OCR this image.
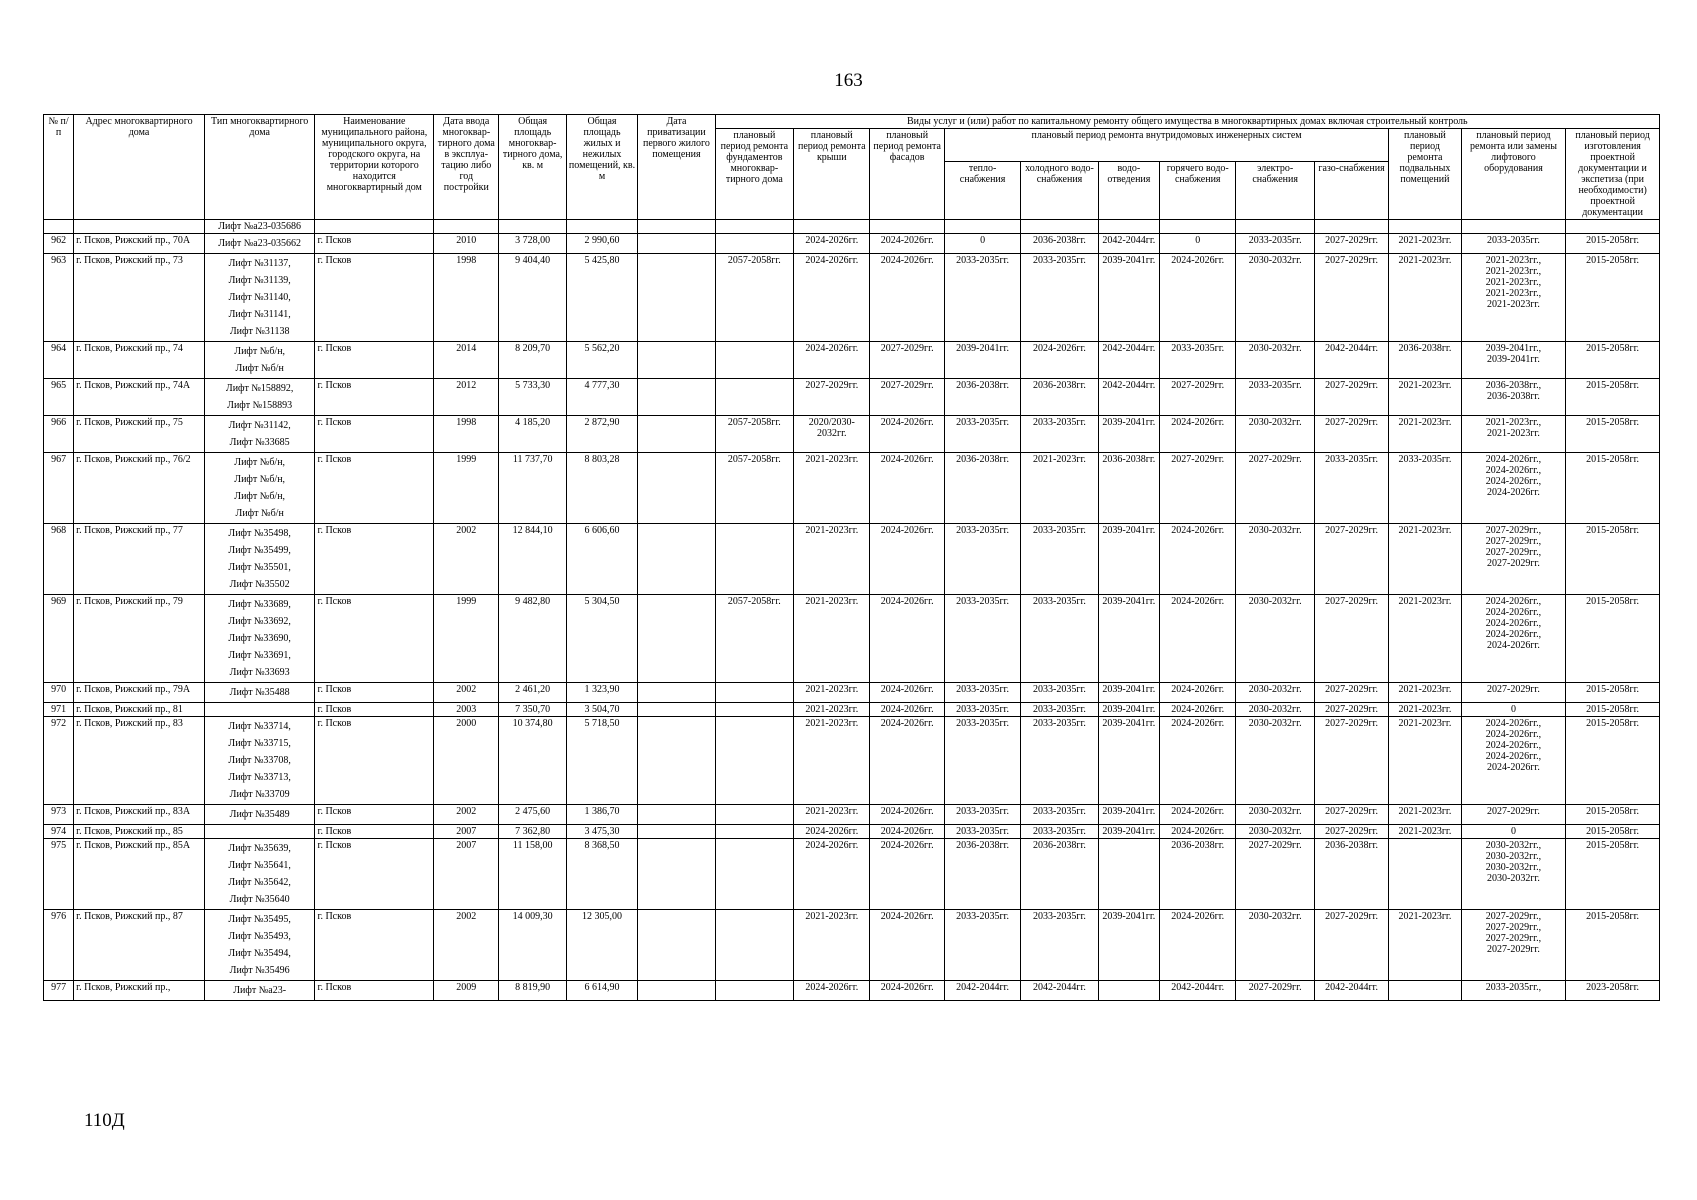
163
№ п/п	Адрес многоквартирного дома	Тип многоквартирного дома	Наименование муниципального района, муниципального округа, городского округа, на территории которого находится многоквартирный дом	Дата ввода многоквар-тирного дома в эксплуа-тацию либо год постройки	Общая площадь многоквар-тирного дома, кв. м	Общая площадь жилых и нежилых помещений, кв. м	Дата приватизации первого жилого помещения	Виды услуг и (или) работ по капитальному ремонту общего имущества в многоквартирных домах включая строительный контроль											
								плановый период ремонта фундаментов многоквар-тирного дома	плановый период ремонта крыши	плановый период ремонта фасадов	плановый период ремонта внутридомовых инженерных систем						плановый период ремонта подвальных помещений	плановый период ремонта или замены лифтового оборудования	плановый период изготовления проектной документации и экспетиза (при необходимости) проектной документации
											тепло-снабжения	холодного водо-снабжения	водо-отведения	горячего водо-снабжения	электро-снабжения	газо-снабжения			
		Лифт №а23-035686																	
962	г. Псков, Рижский пр., 70А	Лифт №а23-035662	г. Псков	2010	3 728,00	2 990,60			2024-2026гг.	2024-2026гг.	0	2036-2038гг.	2042-2044гг.	0	2033-2035гг.	2027-2029гг.	2021-2023гг.	2033-2035гг.	2015-2058гг.
963	г. Псков, Рижский пр., 73	Лифт №31137,
Лифт №31139,
Лифт №31140,
Лифт №31141,
Лифт №31138	г. Псков	1998	9 404,40	5 425,80		2057-2058гг.	2024-2026гг.	2024-2026гг.	2033-2035гг.	2033-2035гг.	2039-2041гг.	2024-2026гг.	2030-2032гг.	2027-2029гг.	2021-2023гг.	2021-2023гг.,
2021-2023гг.,
2021-2023гг.,
2021-2023гг.,
2021-2023гг.	2015-2058гг.
964	г. Псков, Рижский пр., 74	Лифт №б/н,
Лифт №б/н	г. Псков	2014	8 209,70	5 562,20			2024-2026гг.	2027-2029гг.	2039-2041гг.	2024-2026гг.	2042-2044гг.	2033-2035гг.	2030-2032гг.	2042-2044гг.	2036-2038гг.	2039-2041гг.,
2039-2041гг.	2015-2058гг.
965	г. Псков, Рижский пр., 74А	Лифт №158892,
Лифт №158893	г. Псков	2012	5 733,30	4 777,30			2027-2029гг.	2027-2029гг.	2036-2038гг.	2036-2038гг.	2042-2044гг.	2027-2029гг.	2033-2035гг.	2027-2029гг.	2021-2023гг.	2036-2038гг.,
2036-2038гг.	2015-2058гг.
966	г. Псков, Рижский пр., 75	Лифт №31142,
Лифт №33685	г. Псков	1998	4 185,20	2 872,90		2057-2058гг.	2020/2030-2032гг.	2024-2026гг.	2033-2035гг.	2033-2035гг.	2039-2041гг.	2024-2026гг.	2030-2032гг.	2027-2029гг.	2021-2023гг.	2021-2023гг.,
2021-2023гг.	2015-2058гг.
967	г. Псков, Рижский пр., 76/2	Лифт №б/н,
Лифт №б/н,
Лифт №б/н,
Лифт №б/н	г. Псков	1999	11 737,70	8 803,28		2057-2058гг.	2021-2023гг.	2024-2026гг.	2036-2038гг.	2021-2023гг.	2036-2038гг.	2027-2029гг.	2027-2029гг.	2033-2035гг.	2033-2035гг.	2024-2026гг.,
2024-2026гг.,
2024-2026гг.,
2024-2026гг.	2015-2058гг.
968	г. Псков, Рижский пр., 77	Лифт №35498,
Лифт №35499,
Лифт №35501,
Лифт №35502	г. Псков	2002	12 844,10	6 606,60			2021-2023гг.	2024-2026гг.	2033-2035гг.	2033-2035гг.	2039-2041гг.	2024-2026гг.	2030-2032гг.	2027-2029гг.	2021-2023гг.	2027-2029гг.,
2027-2029гг.,
2027-2029гг.,
2027-2029гг.	2015-2058гг.
969	г. Псков, Рижский пр., 79	Лифт №33689,
Лифт №33692,
Лифт №33690,
Лифт №33691,
Лифт №33693	г. Псков	1999	9 482,80	5 304,50		2057-2058гг.	2021-2023гг.	2024-2026гг.	2033-2035гг.	2033-2035гг.	2039-2041гг.	2024-2026гг.	2030-2032гг.	2027-2029гг.	2021-2023гг.	2024-2026гг.,
2024-2026гг.,
2024-2026гг.,
2024-2026гг.,
2024-2026гг.	2015-2058гг.
970	г. Псков, Рижский пр., 79А	Лифт №35488	г. Псков	2002	2 461,20	1 323,90			2021-2023гг.	2024-2026гг.	2033-2035гг.	2033-2035гг.	2039-2041гг.	2024-2026гг.	2030-2032гг.	2027-2029гг.	2021-2023гг.	2027-2029гг.	2015-2058гг.
971	г. Псков, Рижский пр., 81		г. Псков	2003	7 350,70	3 504,70			2021-2023гг.	2024-2026гг.	2033-2035гг.	2033-2035гг.	2039-2041гг.	2024-2026гг.	2030-2032гг.	2027-2029гг.	2021-2023гг.	0	2015-2058гг.
972	г. Псков, Рижский пр., 83	Лифт №33714,
Лифт №33715,
Лифт №33708,
Лифт №33713,
Лифт №33709	г. Псков	2000	10 374,80	5 718,50			2021-2023гг.	2024-2026гг.	2033-2035гг.	2033-2035гг.	2039-2041гг.	2024-2026гг.	2030-2032гг.	2027-2029гг.	2021-2023гг.	2024-2026гг.,
2024-2026гг.,
2024-2026гг.,
2024-2026гг.,
2024-2026гг.	2015-2058гг.
973	г. Псков, Рижский пр., 83А	Лифт №35489	г. Псков	2002	2 475,60	1 386,70			2021-2023гг.	2024-2026гг.	2033-2035гг.	2033-2035гг.	2039-2041гг.	2024-2026гг.	2030-2032гг.	2027-2029гг.	2021-2023гг.	2027-2029гг.	2015-2058гг.
974	г. Псков, Рижский пр., 85		г. Псков	2007	7 362,80	3 475,30			2024-2026гг.	2024-2026гг.	2033-2035гг.	2033-2035гг.	2039-2041гг.	2024-2026гг.	2030-2032гг.	2027-2029гг.	2021-2023гг.	0	2015-2058гг.
975	г. Псков, Рижский пр., 85А	Лифт №35639,
Лифт №35641,
Лифт №35642,
Лифт №35640	г. Псков	2007	11 158,00	8 368,50			2024-2026гг.	2024-2026гг.	2036-2038гг.	2036-2038гг.		2036-2038гг.	2027-2029гг.	2036-2038гг.		2030-2032гг.,
2030-2032гг.,
2030-2032гг.,
2030-2032гг.	2015-2058гг.
976	г. Псков, Рижский пр., 87	Лифт №35495,
Лифт №35493,
Лифт №35494,
Лифт №35496	г. Псков	2002	14 009,30	12 305,00			2021-2023гг.	2024-2026гг.	2033-2035гг.	2033-2035гг.	2039-2041гг.	2024-2026гг.	2030-2032гг.	2027-2029гг.	2021-2023гг.	2027-2029гг.,
2027-2029гг.,
2027-2029гг.,
2027-2029гг.	2015-2058гг.
977	г. Псков, Рижский пр.,	Лифт №а23-	г. Псков	2009	8 819,90	6 614,90			2024-2026гг.	2024-2026гг.	2042-2044гг.	2042-2044гг.		2042-2044гг.	2027-2029гг.	2042-2044гг.		2033-2035гг.,	2023-2058гг.
110Д
